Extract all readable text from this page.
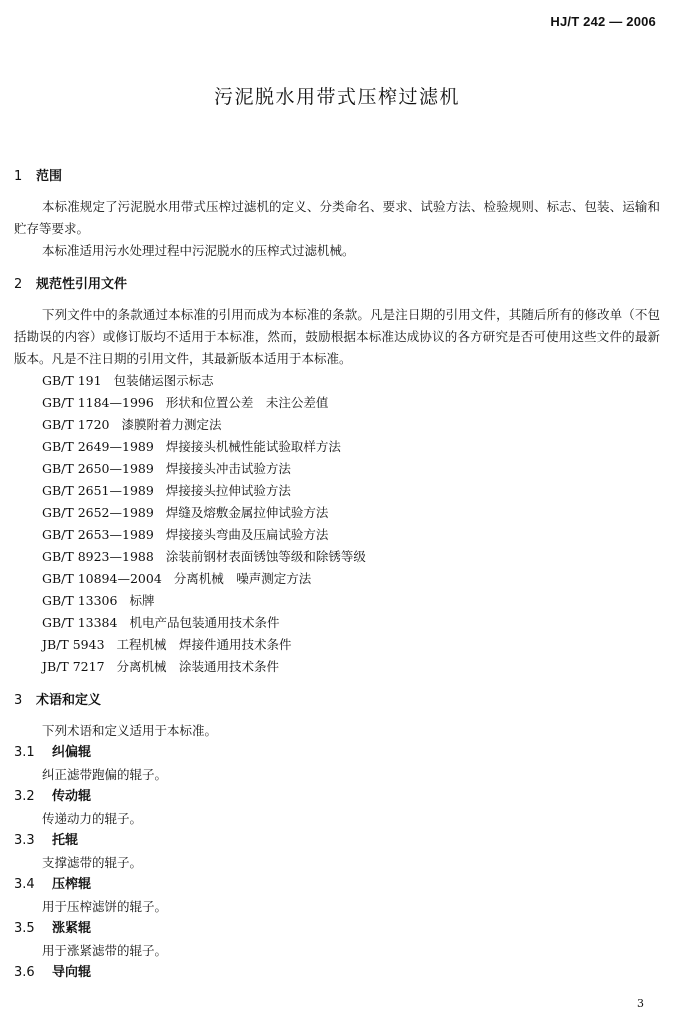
HJ/T 242 — 2006
污泥脱水用带式压榨过滤机
1 范围

本标准规定了污泥脱水用带式压榨过滤机的定义、分类命名、要求、试验方法、检验规则、标志、包装、运输和贮存等要求。

本标准适用污水处理过程中污泥脱水的压榨式过滤机械。

2 规范性引用文件

下列文件中的条款通过本标准的引用而成为本标准的条款。凡是注日期的引用文件，其随后所有的修改单（不包括勘误的内容）或修订版均不适用于本标准，然而，鼓励根据本标准达成协议的各方研究是否可使用这些文件的最新版本。凡是不注日期的引用文件，其最新版本适用于本标准。

GB/T 191 包装储运图示标志
GB/T 1184—1996 形状和位置公差　未注公差值
GB/T 1720 漆膜附着力测定法
GB/T 2649—1989 焊接接头机械性能试验取样方法
GB/T 2650—1989 焊接接头冲击试验方法
GB/T 2651—1989 焊接接头拉伸试验方法
GB/T 2652—1989 焊缝及熔敷金属拉伸试验方法
GB/T 2653—1989 焊接接头弯曲及压扁试验方法
GB/T 8923—1988 涂装前钢材表面锈蚀等级和除锈等级
GB/T 10894—2004 分离机械　噪声测定方法
GB/T 13306 标牌
GB/T 13384 机电产品包装通用技术条件
JB/T 5943 工程机械　焊接件通用技术条件
JB/T 7217 分离机械　涂装通用技术条件
3 术语和定义

下列术语和定义适用于本标准。

3.1 纠偏辊

纠正滤带跑偏的辊子。

3.2 传动辊

传递动力的辊子。

3.3 托辊

支撑滤带的辊子。

3.4 压榨辊

用于压榨滤饼的辊子。

3.5 涨紧辊

用于涨紧滤带的辊子。

3.6 导向辊
3
